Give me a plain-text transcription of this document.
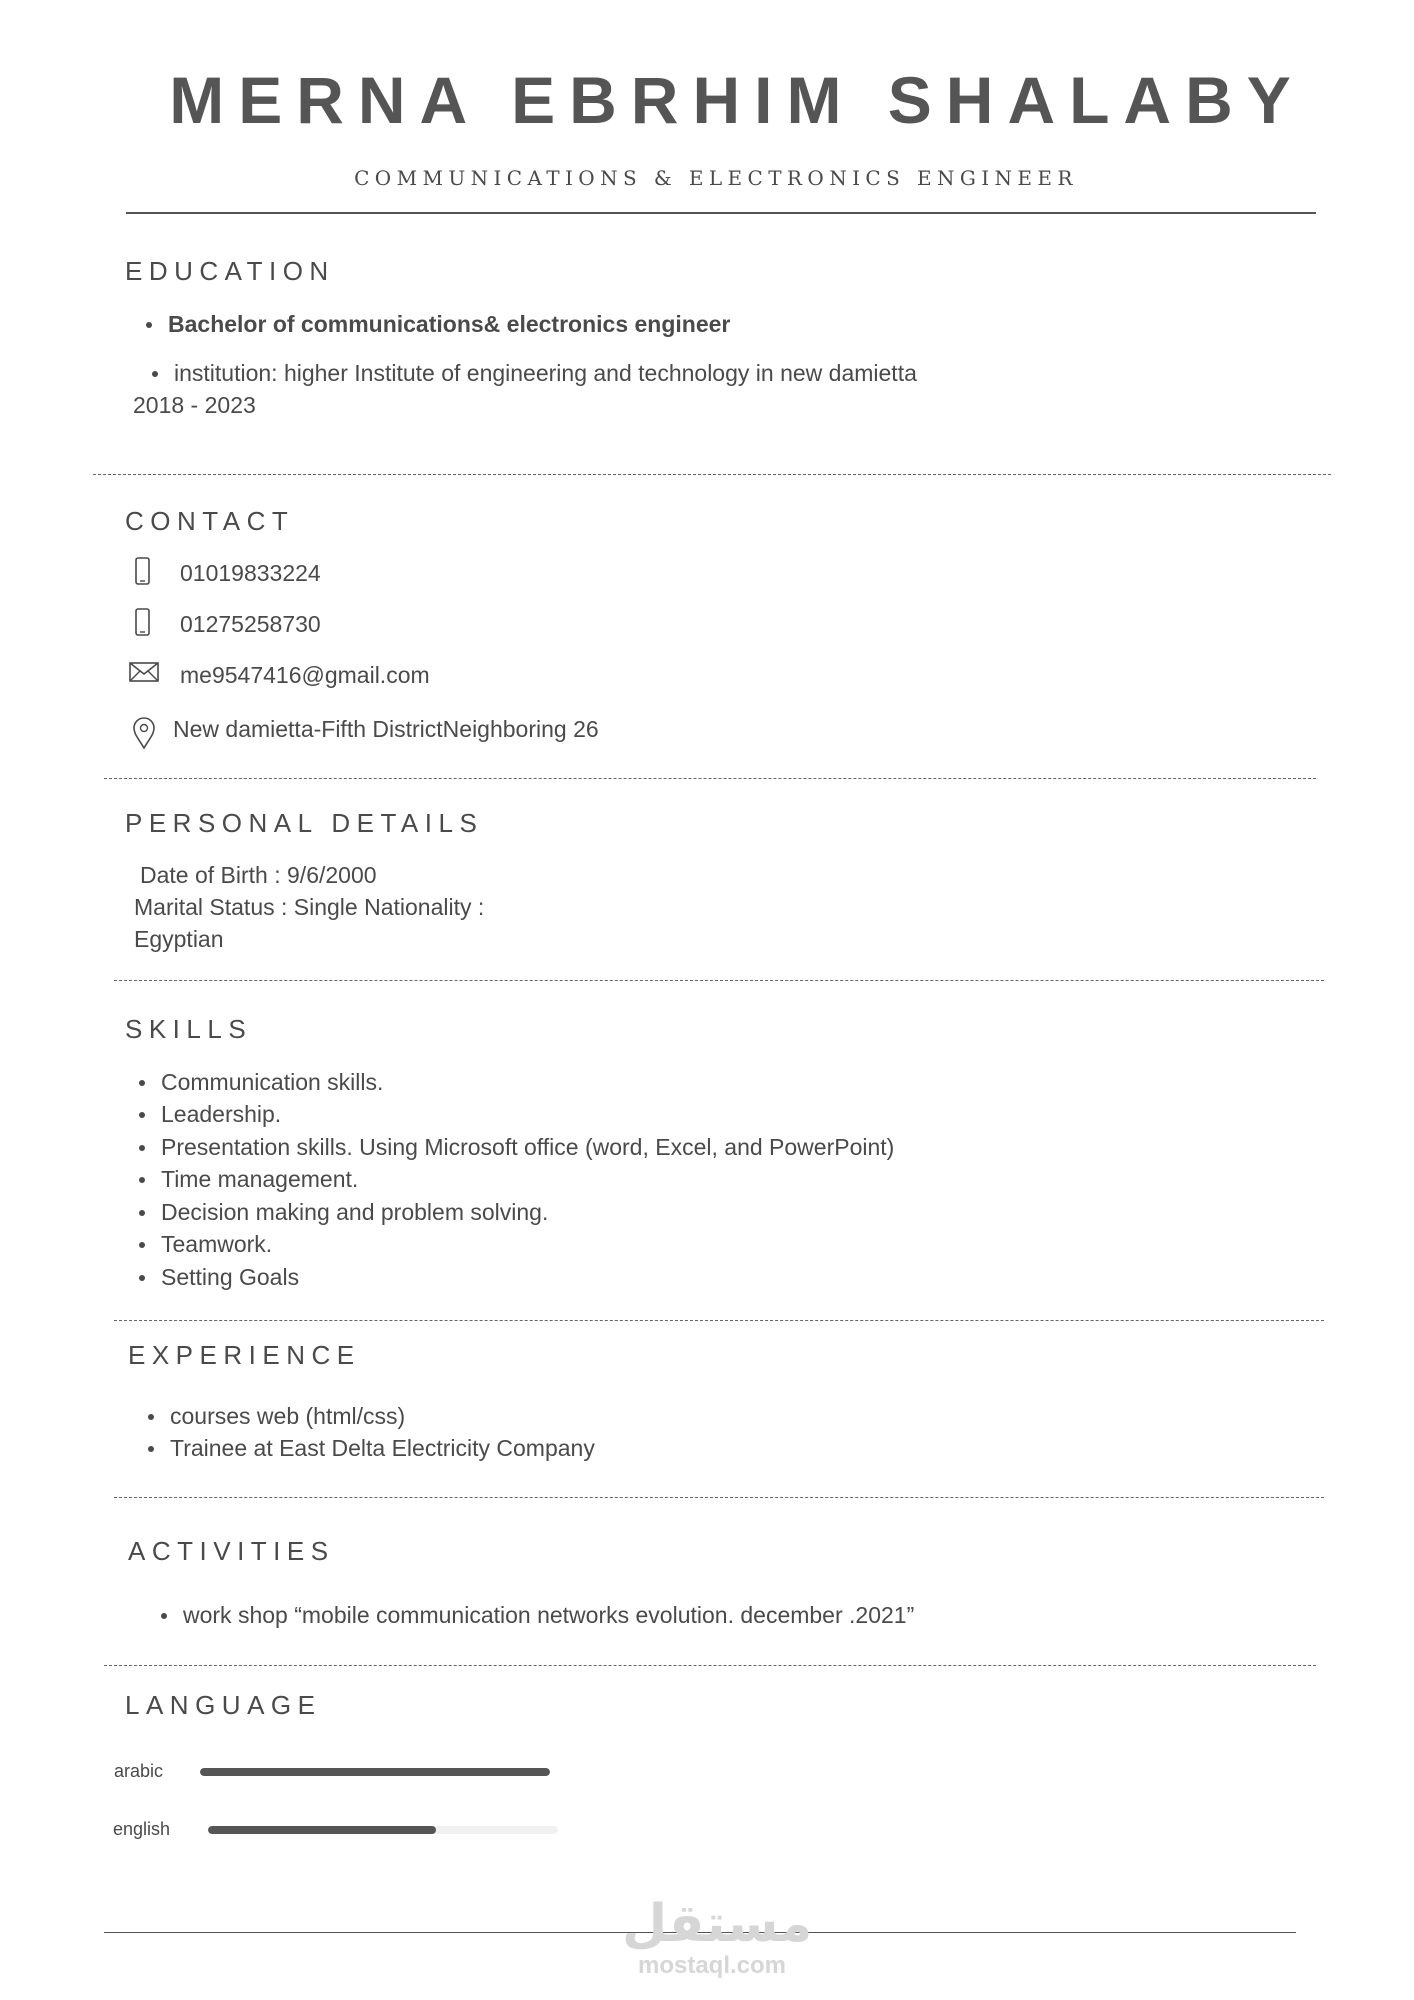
MERNA EBRHIM SHALABY
COMMUNICATIONS & ELECTRONICS ENGINEER
EDUCATION
Bachelor of communications& electronics engineer
institution: higher Institute of engineering and technology in new damietta
2018 - 2023
CONTACT
01019833224
01275258730
me9547416@gmail.com
New damietta-Fifth DistrictNeighboring 26
PERSONAL DETAILS
Date of Birth : 9/6/2000
Marital Status : Single Nationality :
Egyptian
SKILLS
Communication skills.
Leadership.
Presentation skills. Using Microsoft office (word, Excel, and PowerPoint)
Time management.
Decision making and problem solving.
Teamwork.
Setting Goals
EXPERIENCE
courses web (html/css)
Trainee at East Delta Electricity Company
ACTIVITIES
work shop “mobile communication networks evolution. december .2021”
LANGUAGE
arabic
english
مستقل
mostaql.com
